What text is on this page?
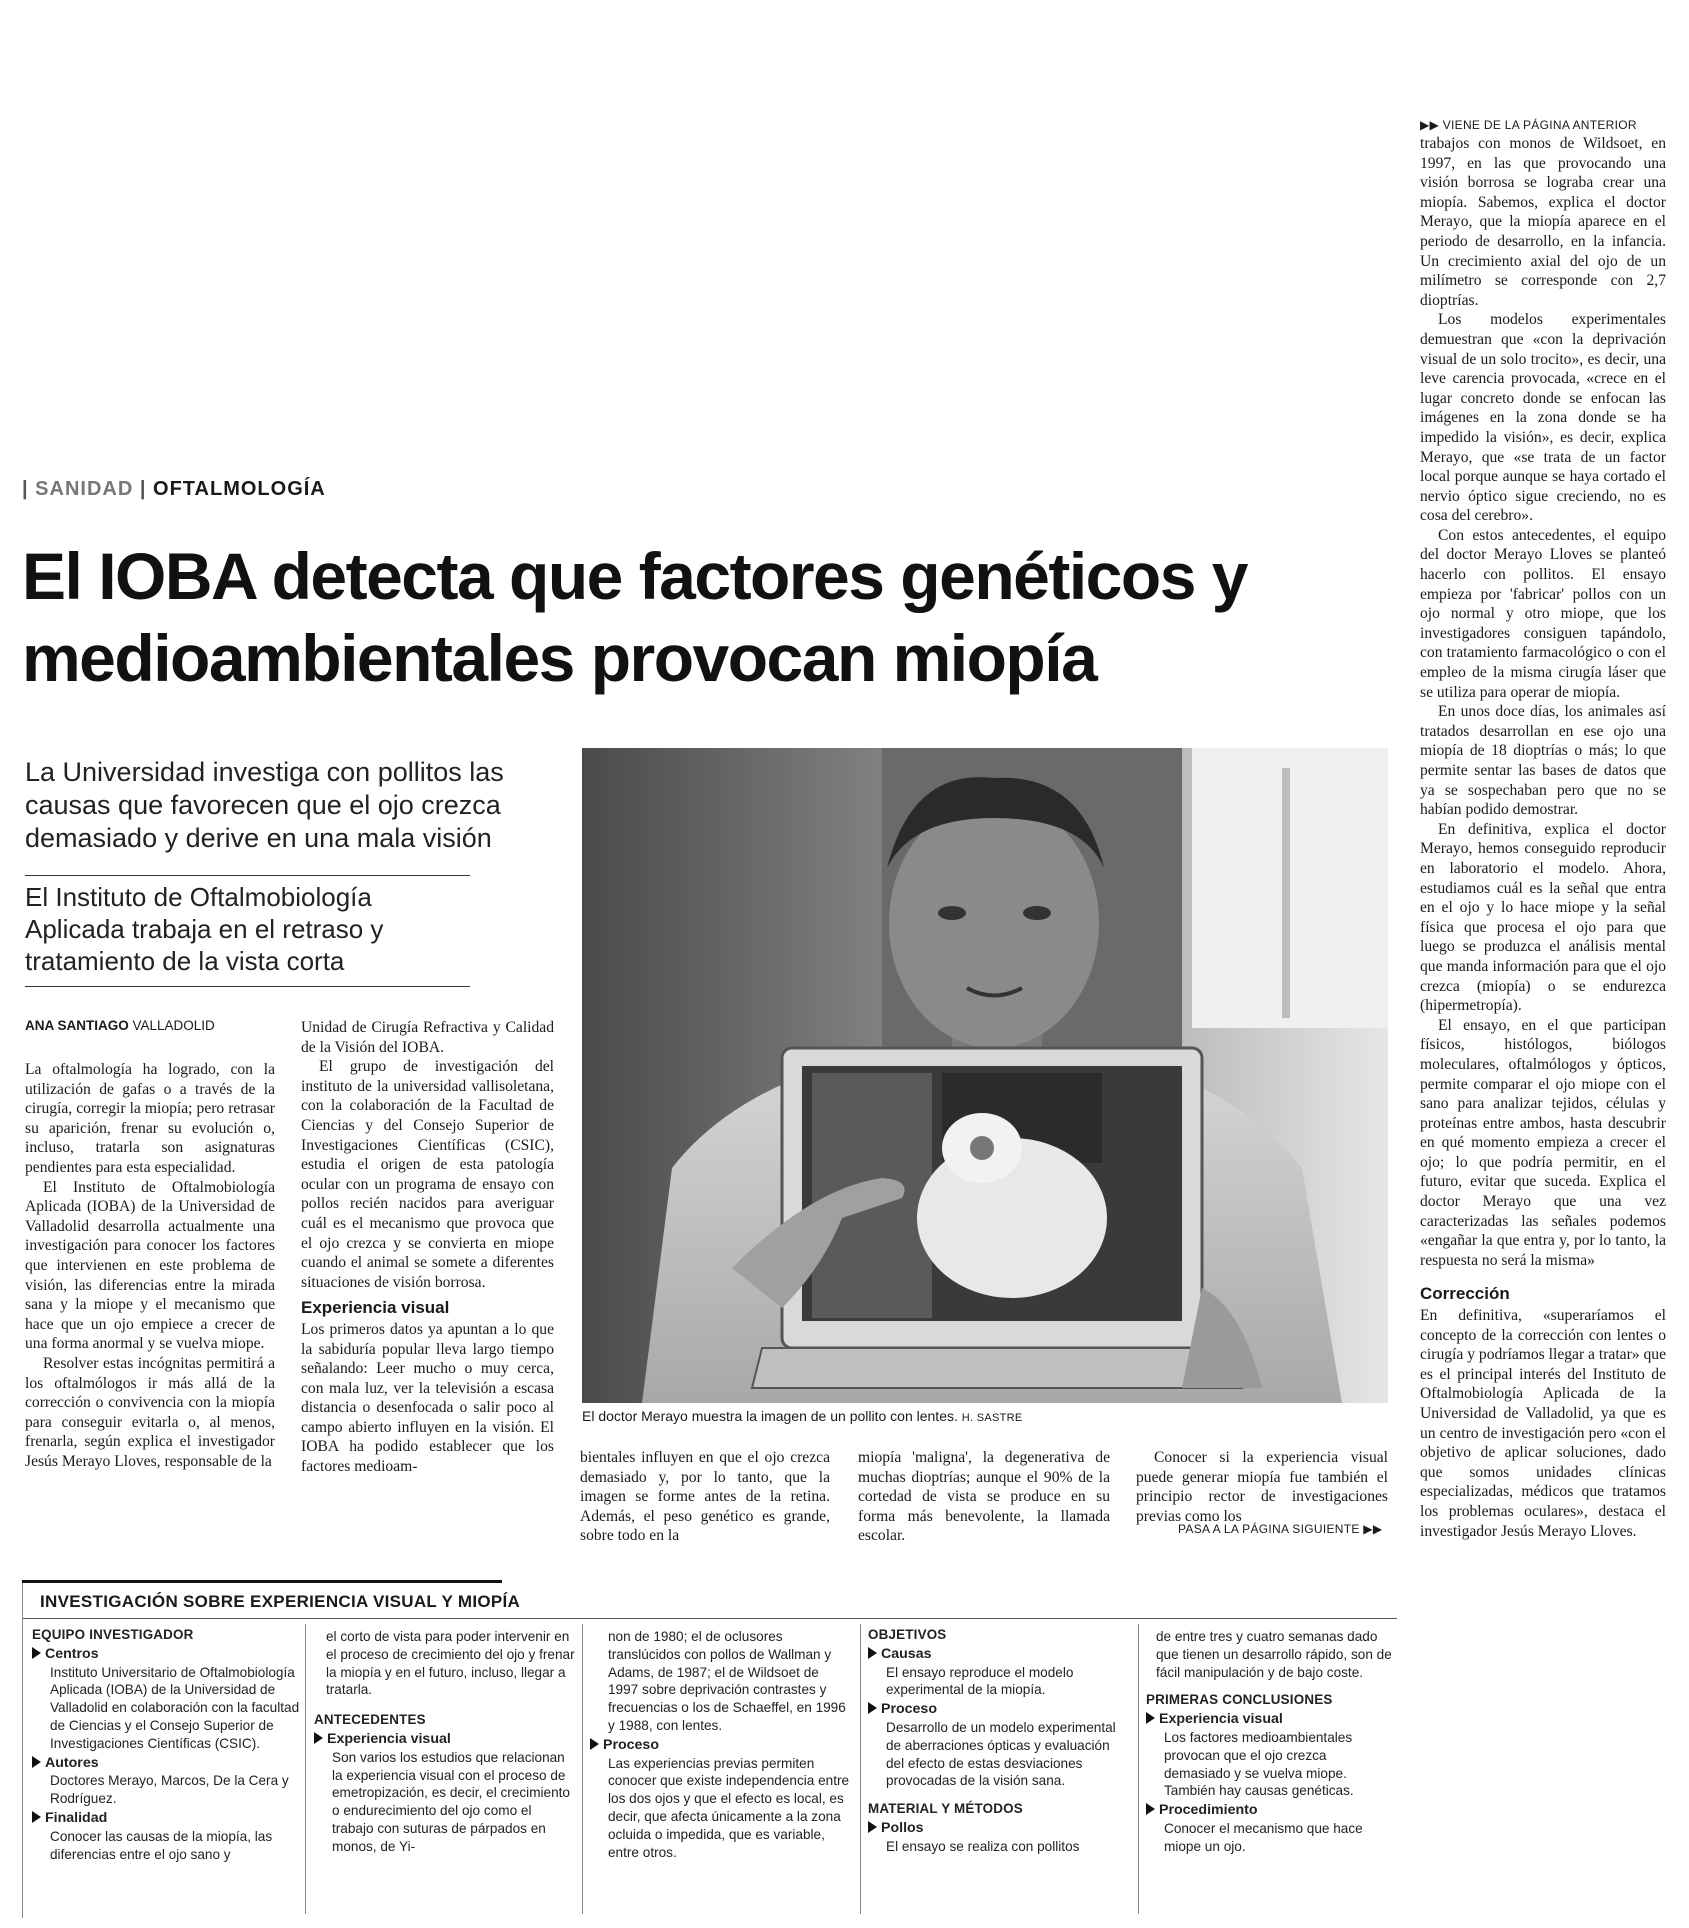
▶▶ VIENE DE LA PÁGINA ANTERIOR
| SANIDAD | OFTALMOLOGÍA
El IOBA detecta que factores genéticos y medioambientales provocan miopía
La Universidad investiga con pollitos las causas que favorecen que el ojo crezca demasiado y derive en una mala visión
El Instituto de Oftalmobiología Aplicada trabaja en el retraso y tratamiento de la vista corta
ANA SANTIAGO VALLADOLID
El doctor Merayo muestra la imagen de un pollito con lentes. H. SASTRE

La oftalmología ha logrado, con la utilización de gafas o a través de la cirugía, corregir la miopía; pero retrasar su aparición, frenar su evolución o, incluso, tratarla son asignaturas pendientes para esta especialidad.

El Instituto de Oftalmobiología Aplicada (IOBA) de la Universidad de Valladolid desarrolla actualmente una investigación para conocer los factores que intervienen en este problema de visión, las diferencias entre la mirada sana y la miope y el mecanismo que hace que un ojo empiece a crecer de una forma anormal y se vuelva miope.

Resolver estas incógnitas permitirá a los oftalmólogos ir más allá de la corrección o convivencia con la miopía para conseguir evitarla o, al menos, frenarla, según explica el investigador Jesús Merayo Lloves, responsable de la

Unidad de Cirugía Refractiva y Calidad de la Visión del IOBA.

El grupo de investigación del instituto de la universidad vallisoletana, con la colaboración de la Facultad de Ciencias y del Consejo Superior de Investigaciones Científicas (CSIC), estudia el origen de esta patología ocular con un programa de ensayo con pollos recién nacidos para averiguar cuál es el mecanismo que provoca que el ojo crezca y se convierta en miope cuando el animal se somete a diferentes situaciones de visión borrosa.

Experiencia visual

Los primeros datos ya apuntan a lo que la sabiduría popular lleva largo tiempo señalando: Leer mucho o muy cerca, con mala luz, ver la televisión a escasa distancia o desenfocada o salir poco al campo abierto influyen en la visión. El IOBA ha podido establecer que los factores medioam-

bientales influyen en que el ojo crezca demasiado y, por lo tanto, que la imagen se forme antes de la retina. Además, el peso genético es grande, sobre todo en la

miopía 'maligna', la degenerativa de muchas dioptrías; aunque el 90% de la cortedad de vista se produce en su forma más benevolente, la llamada escolar.

Conocer si la experiencia visual puede generar miopía fue también el principio rector de investigaciones previas como los

PASA A LA PÁGINA SIGUIENTE ▶▶

trabajos con monos de Wildsoet, en 1997, en las que provocando una visión borrosa se lograba crear una miopía. Sabemos, explica el doctor Merayo, que la miopía aparece en el periodo de desarrollo, en la infancia. Un crecimiento axial del ojo de un milímetro se corresponde con 2,7 dioptrías.

Los modelos experimentales demuestran que «con la deprivación visual de un solo trocito», es decir, una leve carencia provocada, «crece en el lugar concreto donde se enfocan las imágenes en la zona donde se ha impedido la visión», es decir, explica Merayo, que «se trata de un factor local porque aunque se haya cortado el nervio óptico sigue creciendo, no es cosa del cerebro».

Con estos antecedentes, el equipo del doctor Merayo Lloves se planteó hacerlo con pollitos. El ensayo empieza por 'fabricar' pollos con un ojo normal y otro miope, que los investigadores consiguen tapándolo, con tratamiento farmacológico o con el empleo de la misma cirugía láser que se utiliza para operar de miopía.

En unos doce días, los animales así tratados desarrollan en ese ojo una miopía de 18 dioptrías o más; lo que permite sentar las bases de datos que ya se sospechaban pero que no se habían podido demostrar.

En definitiva, explica el doctor Merayo, hemos conseguido reproducir en laboratorio el modelo. Ahora, estudiamos cuál es la señal que entra en el ojo y lo hace miope y la señal física que procesa el ojo para que luego se produzca el análisis mental que manda información para que el ojo crezca (miopía) o se endurezca (hipermetropía).

El ensayo, en el que participan físicos, histólogos, biólogos moleculares, oftalmólogos y ópticos, permite comparar el ojo miope con el sano para analizar tejidos, células y proteínas entre ambos, hasta descubrir en qué momento empieza a crecer el ojo; lo que podría permitir, en el futuro, evitar que suceda. Explica el doctor Merayo que una vez caracterizadas las señales podemos «engañar la que entra y, por lo tanto, la respuesta no será la misma»

Corrección

En definitiva, «superaríamos el concepto de la corrección con lentes o cirugía y podríamos llegar a tratar» que es el principal interés del Instituto de Oftalmobiología Aplicada de la Universidad de Valladolid, ya que es un centro de investigación pero «con el objetivo de aplicar soluciones, dado que somos unidades clínicas especializadas, médicos que tratamos los problemas oculares», destaca el investigador Jesús Merayo Lloves.

INVESTIGACIÓN SOBRE EXPERIENCIA VISUAL Y MIOPÍA
EQUIPO INVESTIGADOR
Centros
Instituto Universitario de Oftalmobiología Aplicada (IOBA) de la Universidad de Valladolid en colaboración con la facultad de Ciencias y el Consejo Superior de Investigaciones Científicas (CSIC).
Autores
Doctores Merayo, Marcos, De la Cera y Rodríguez.
Finalidad
Conocer las causas de la miopía, las diferencias entre el ojo sano y
el corto de vista para poder intervenir en el proceso de crecimiento del ojo y frenar la miopía y en el futuro, incluso, llegar a tratarla.
ANTECEDENTES
Experiencia visual
Son varios los estudios que relacionan la experiencia visual con el proceso de emetropización, es decir, el crecimiento o endurecimiento del ojo como el trabajo con suturas de párpados en monos, de Yi-
non de 1980; el de oclusores translúcidos con pollos de Wallman y Adams, de 1987; el de Wildsoet de 1997 sobre deprivación contrastes y frecuencias o los de Schaeffel, en 1996 y 1988, con lentes.
Proceso
Las experiencias previas permiten conocer que existe independencia entre los dos ojos y que el efecto es local, es decir, que afecta únicamente a la zona ocluida o impedida, que es variable, entre otros.
OBJETIVOS
Causas
El ensayo reproduce el modelo experimental de la miopía.
Proceso
Desarrollo de un modelo experimental de aberraciones ópticas y evaluación del efecto de estas desviaciones provocadas de la visión sana.
MATERIAL Y MÉTODOS
Pollos
El ensayo se realiza con pollitos
de entre tres y cuatro semanas dado que tienen un desarrollo rápido, son de fácil manipulación y de bajo coste.
PRIMERAS CONCLUSIONES
Experiencia visual
Los factores medioambientales provocan que el ojo crezca demasiado y se vuelva miope. También hay causas genéticas.
Procedimiento
Conocer el mecanismo que hace miope un ojo.
